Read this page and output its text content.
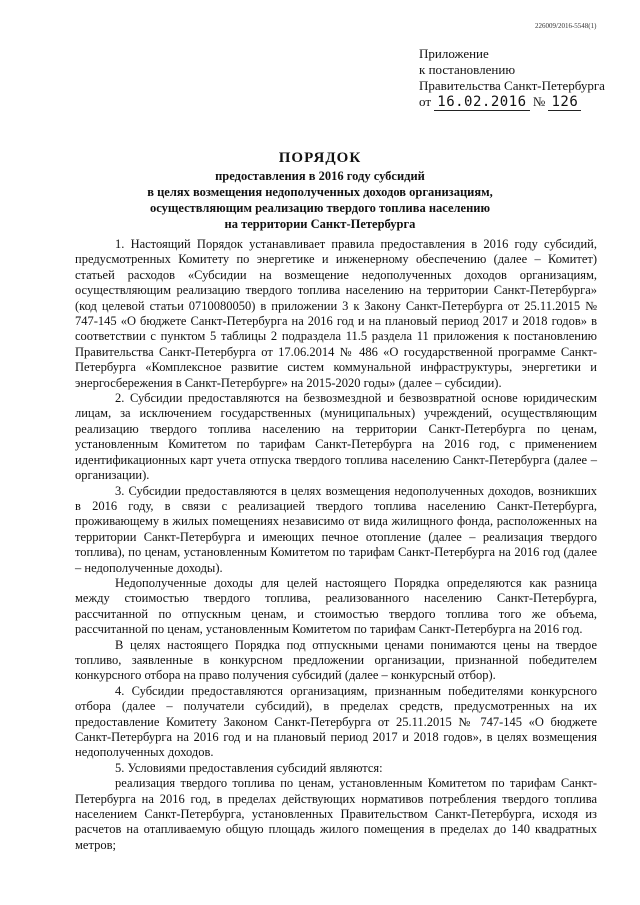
226009/2016-5548(1)
Приложение
к постановлению
Правительства Санкт-Петербурга
от 16.02.2016 № 126
ПОРЯДОК
предоставления в 2016 году субсидий
в целях возмещения недополученных доходов организациям,
осуществляющим реализацию твердого топлива населению
на территории Санкт-Петербурга

1. Настоящий Порядок устанавливает правила предоставления в 2016 году субсидий, предусмотренных Комитету по энергетике и инженерному обеспечению (далее – Комитет) статьей расходов «Субсидии на возмещение недополученных доходов организациям, осуществляющим реализацию твердого топлива населению на территории Санкт-Петербурга» (код целевой статьи 0710080050) в приложении 3 к Закону Санкт-Петербурга от 25.11.2015 № 747-145 «О бюджете Санкт-Петербурга на 2016 год и на плановый период 2017 и 2018 годов» в соответствии с пунктом 5 таблицы 2 подраздела 11.5 раздела 11 приложения к постановлению Правительства Санкт-Петербурга от 17.06.2014 № 486 «О государственной программе Санкт-Петербурга «Комплексное развитие систем коммунальной инфраструктуры, энергетики и энергосбережения в Санкт-Петербурге» на 2015-2020 годы» (далее – субсидии).

2. Субсидии предоставляются на безвозмездной и безвозвратной основе юридическим лицам, за исключением государственных (муниципальных) учреждений, осуществляющим реализацию твердого топлива населению на территории Санкт-Петербурга по ценам, установленным Комитетом по тарифам Санкт-Петербурга на 2016 год, с применением идентификационных карт учета отпуска твердого топлива населению Санкт-Петербурга (далее – организации).

3. Субсидии предоставляются в целях возмещения недополученных доходов, возникших в 2016 году, в связи с реализацией твердого топлива населению Санкт-Петербурга, проживающему в жилых помещениях независимо от вида жилищного фонда, расположенных на территории Санкт-Петербурга и имеющих печное отопление (далее – реализация твердого топлива), по ценам, установленным Комитетом по тарифам Санкт-Петербурга на 2016 год (далее – недополученные доходы).

Недополученные доходы для целей настоящего Порядка определяются как разница между стоимостью твердого топлива, реализованного населению Санкт-Петербурга, рассчитанной по отпускным ценам, и стоимостью твердого топлива того же объема, рассчитанной по ценам, установленным Комитетом по тарифам Санкт-Петербурга на 2016 год.

В целях настоящего Порядка под отпускными ценами понимаются цены на твердое топливо, заявленные в конкурсном предложении организации, признанной победителем конкурсного отбора на право получения субсидий (далее – конкурсный отбор).

4. Субсидии предоставляются организациям, признанным победителями конкурсного отбора (далее – получатели субсидий), в пределах средств, предусмотренных на их предоставление Комитету Законом Санкт-Петербурга от 25.11.2015 № 747-145 «О бюджете Санкт-Петербурга на 2016 год и на плановый период 2017 и 2018 годов», в целях возмещения недополученных доходов.

5. Условиями предоставления субсидий являются:

реализация твердого топлива по ценам, установленным Комитетом по тарифам Санкт-Петербурга на 2016 год, в пределах действующих нормативов потребления твердого топлива населением Санкт-Петербурга, установленных Правительством Санкт-Петербурга, исходя из расчетов на отапливаемую общую площадь жилого помещения в пределах до 140 квадратных метров;
